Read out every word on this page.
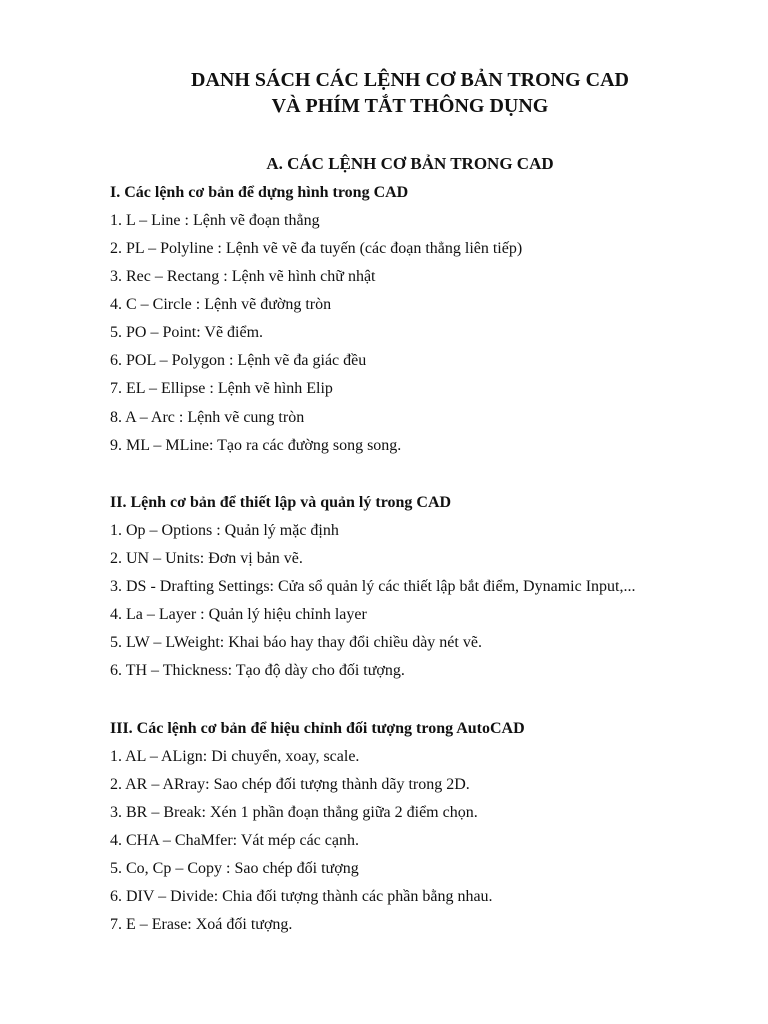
DANH SÁCH CÁC LỆNH CƠ BẢN TRONG CAD
VÀ PHÍM TẮT THÔNG DỤNG
A. CÁC LỆNH CƠ BẢN TRONG CAD
I. Các lệnh cơ bản để dựng hình trong CAD

1. L – Line : Lệnh vẽ đoạn thẳng

2. PL – Polyline : Lệnh vẽ vẽ đa tuyến (các đoạn thẳng liên tiếp)

3. Rec – Rectang : Lệnh vẽ hình chữ nhật

4. C – Circle : Lệnh vẽ đường tròn

5. PO – Point: Vẽ điểm.

6. POL – Polygon : Lệnh vẽ đa giác đều

7. EL – Ellipse : Lệnh vẽ hình Elip

8. A – Arc : Lệnh vẽ cung tròn

9. ML – MLine: Tạo ra các đường song song.

II. Lệnh cơ bản để thiết lập và quản lý trong CAD

1. Op – Options : Quản lý mặc định

2. UN – Units: Đơn vị bản vẽ.

3. DS - Drafting Settings: Cửa sổ quản lý các thiết lập bắt điểm, Dynamic Input,...

4. La – Layer : Quản lý hiệu chỉnh layer

5. LW – LWeight: Khai báo hay thay đổi chiều dày nét vẽ.

6. TH – Thickness: Tạo độ dày cho đối tượng.

III. Các lệnh cơ bản để hiệu chỉnh đối tượng trong AutoCAD

1. AL – ALign: Di chuyển, xoay, scale.

2. AR – ARray: Sao chép đối tượng thành dãy trong 2D.

3. BR – Break: Xén 1 phần đoạn thẳng giữa 2 điểm chọn.

4. CHA – ChaMfer: Vát mép các cạnh.

5. Co, Cp – Copy : Sao chép đối tượng

6. DIV – Divide: Chia đối tượng thành các phần bằng nhau.

7. E – Erase: Xoá đối tượng.
